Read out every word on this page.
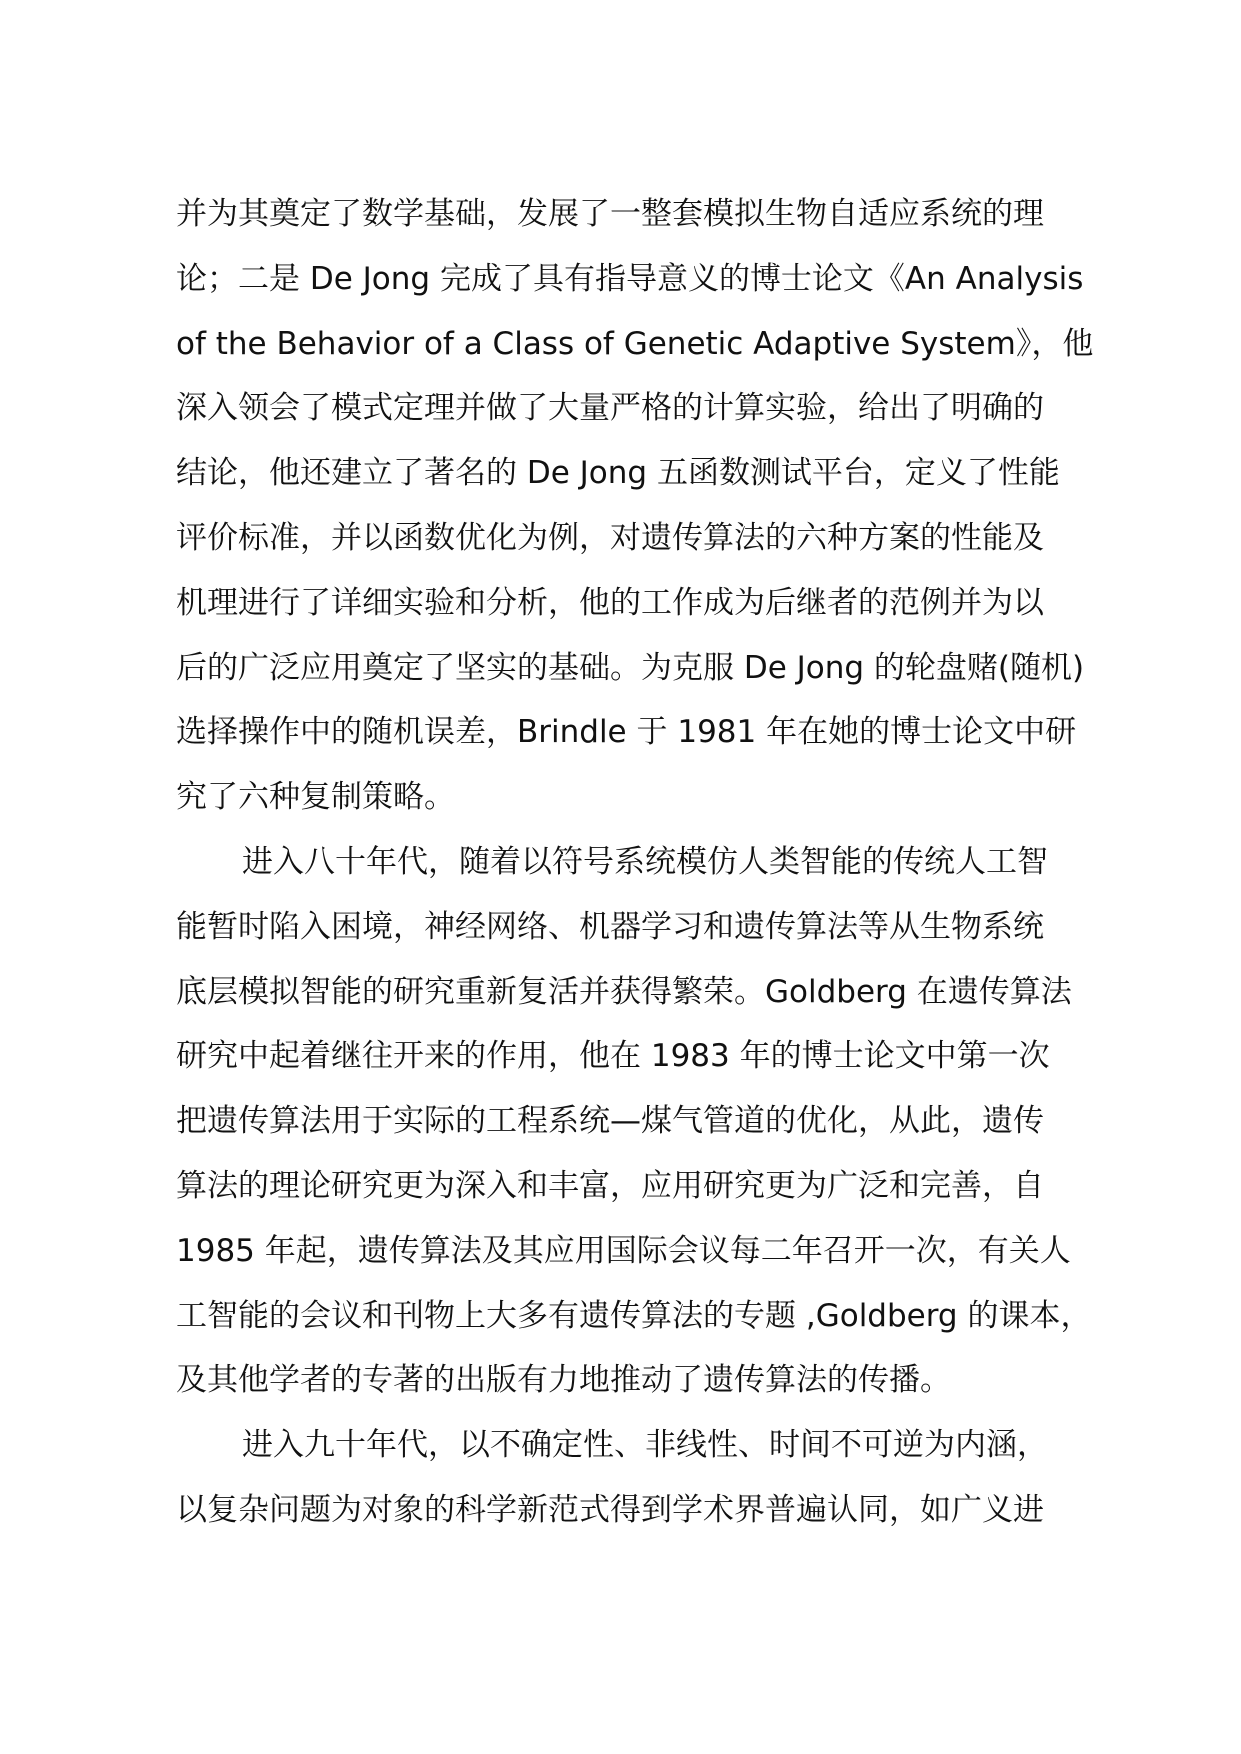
并为其奠定了数学基础，发展了一整套模拟生物自适应系统的理
论；二是 De Jong 完成了具有指导意义的博士论文《An Analysis
of the Behavior of a Class of Genetic Adaptive System》，他
深入领会了模式定理并做了大量严格的计算实验，给出了明确的
结论，他还建立了著名的 De Jong 五函数测试平台，定义了性能
评价标准，并以函数优化为例，对遗传算法的六种方案的性能及
机理进行了详细实验和分析，他的工作成为后继者的范例并为以
后的广泛应用奠定了坚实的基础。为克服 De Jong 的轮盘赌(随机)
选择操作中的随机误差，Brindle 于 1981 年在她的博士论文中研
究了六种复制策略。
进入八十年代，随着以符号系统模仿人类智能的传统人工智
能暂时陷入困境，神经网络、机器学习和遗传算法等从生物系统
底层模拟智能的研究重新复活并获得繁荣。Goldberg 在遗传算法
研究中起着继往开来的作用，他在 1983 年的博士论文中第一次
把遗传算法用于实际的工程系统—煤气管道的优化，从此，遗传
算法的理论研究更为深入和丰富，应用研究更为广泛和完善，自
1985 年起，遗传算法及其应用国际会议每二年召开一次，有关人
工智能的会议和刊物上大多有遗传算法的专题 ,Goldberg 的课本，
及其他学者的专著的出版有力地推动了遗传算法的传播。
进入九十年代，以不确定性、非线性、时间不可逆为内涵，
以复杂问题为对象的科学新范式得到学术界普遍认同，如广义进
